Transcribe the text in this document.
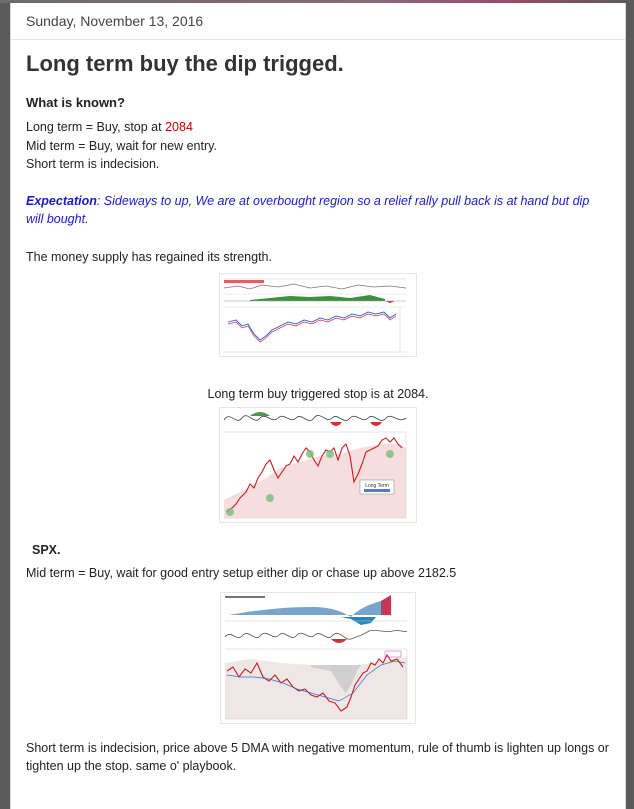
Sunday, November 13, 2016
Long term buy the dip trigged.
What is known?
Long term = Buy, stop at 2084
Mid term = Buy, wait for new entry.
Short term is indecision.
Expectation: Sideways to up, We are at overbought region so a relief rally pull back is at hand but dip will bought.
The money supply has regained its strength.
Long term buy triggered stop is at 2084.
Long Term
SPX.
Mid term = Buy, wait for good entry setup either dip or chase up above 2182.5
Short term is indecision, price above 5 DMA with negative momentum, rule of thumb is lighten up longs or tighten up the stop. same o' playbook.
